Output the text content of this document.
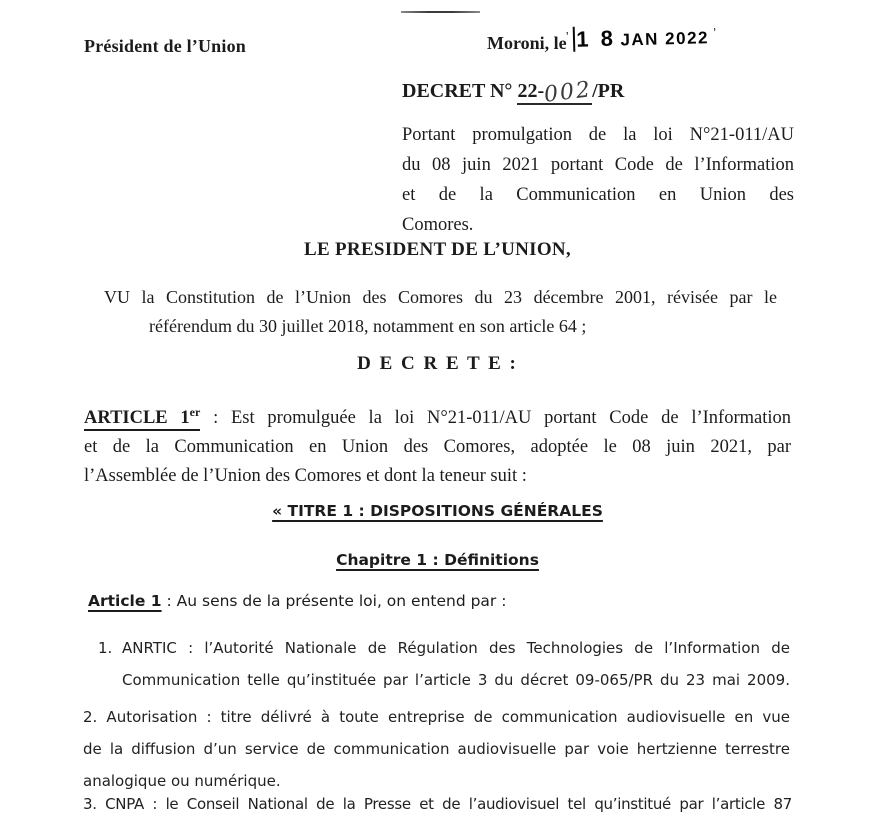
Président de l’Union	Moroni, le ’ 1 8 JAN 2022 ’
DECRET N° 22-002/PR
Portant promulgation de la loi N°21-011/AU
du 08 juin 2021 portant Code de l’Information
et de la Communication en Union des
Comores.
LE PRESIDENT DE L’UNION,
VU la Constitution de l’Union des Comores du 23 décembre 2001, révisée par le
référendum du 30 juillet 2018, notamment en son article 64 ;
D E C R E T E :
ARTICLE 1er : Est promulguée la loi N°21-011/AU portant Code de l’Information
et de la Communication en Union des Comores, adoptée le 08 juin 2021, par
l’Assemblée de l’Union des Comores et dont la teneur suit :
« TITRE 1 : DISPOSITIONS GÉNÉRALES
Chapitre 1 : Définitions
Article 1 : Au sens de la présente loi, on entend par :
1. ANRTIC : l’Autorité Nationale de Régulation des Technologies de l’Information de
Communication telle qu’instituée par l’article 3 du décret 09-065/PR du 23 mai 2009.
2. Autorisation : titre délivré à toute entreprise de communication audiovisuelle en vue
de la diffusion d’un service de communication audiovisuelle par voie hertzienne terrestre
analogique ou numérique.
3. CNPA : le Conseil National de la Presse et de l’audiovisuel tel qu’institué par l’article 87
